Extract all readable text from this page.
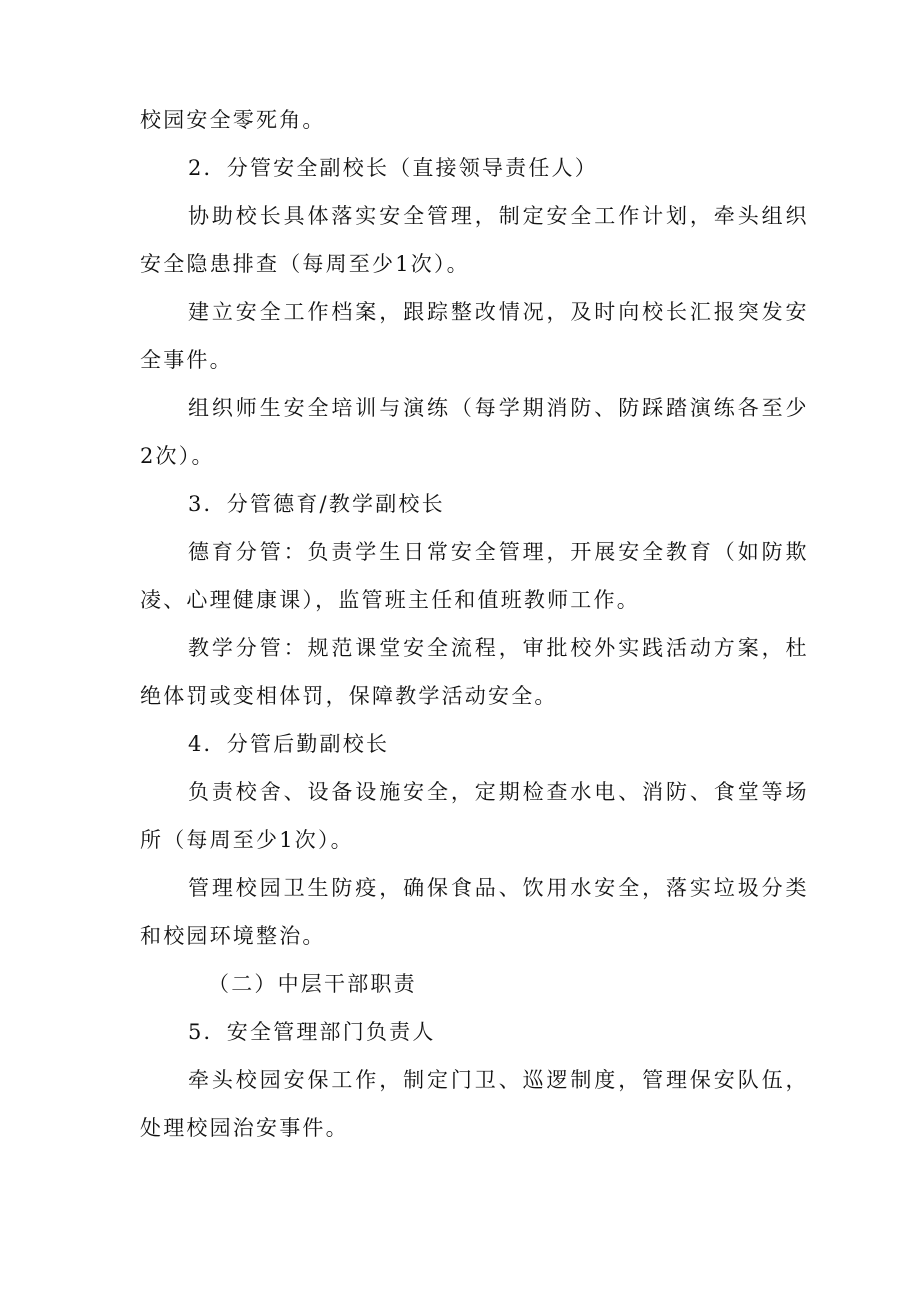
校园安全零死角。
2．分管安全副校长（直接领导责任人）
协助校长具体落实安全管理，制定安全工作计划，牵头组织
安全隐患排查（每周至少1次）。
建立安全工作档案，跟踪整改情况，及时向校长汇报突发安
全事件。
组织师生安全培训与演练（每学期消防、防踩踏演练各至少
2次）。
3．分管德育/教学副校长
德育分管：负责学生日常安全管理，开展安全教育（如防欺
凌、心理健康课），监管班主任和值班教师工作。
教学分管：规范课堂安全流程，审批校外实践活动方案，杜
绝体罚或变相体罚，保障教学活动安全。
4．分管后勤副校长
负责校舍、设备设施安全，定期检查水电、消防、食堂等场
所（每周至少1次）。
管理校园卫生防疫，确保食品、饮用水安全，落实垃圾分类
和校园环境整治。
（二）中层干部职责
5．安全管理部门负责人
牵头校园安保工作，制定门卫、巡逻制度，管理保安队伍，
处理校园治安事件。
